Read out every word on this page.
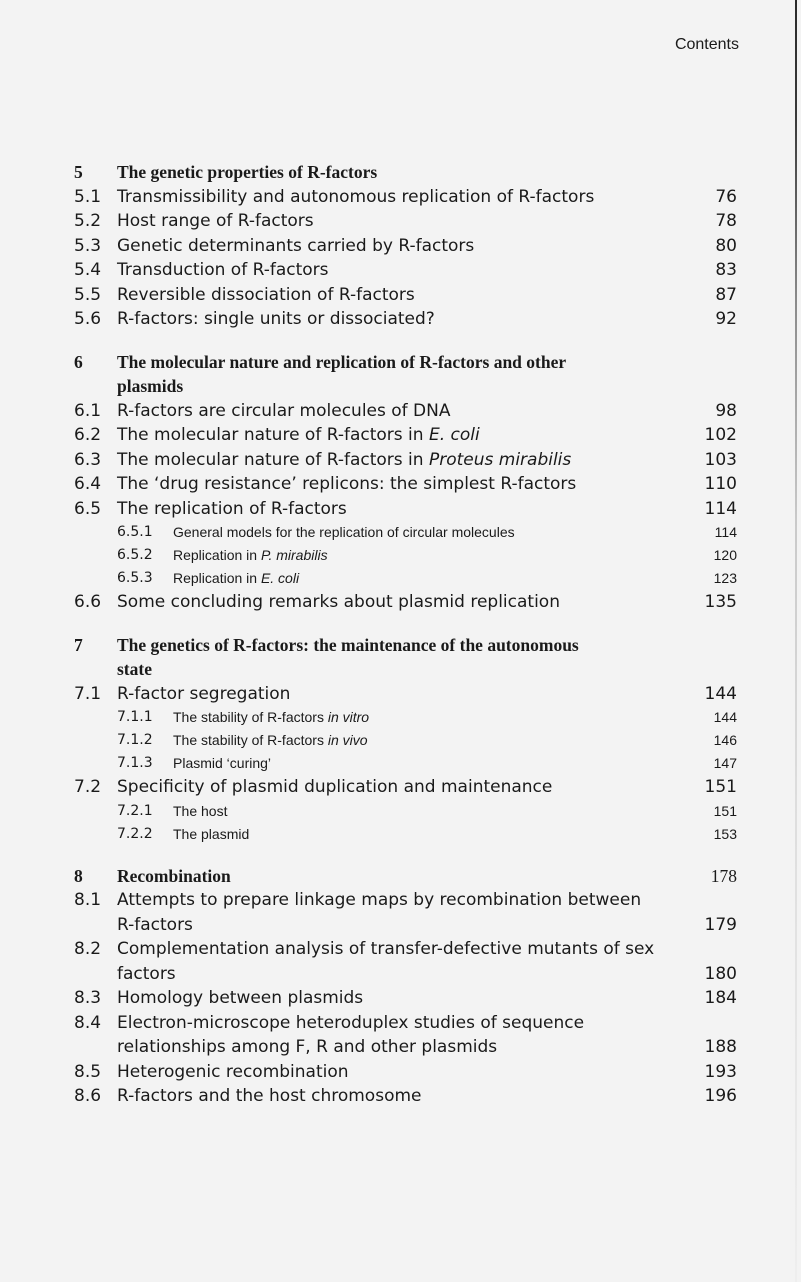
Contents
5 The genetic properties of R-factors
5.1 Transmissibility and autonomous replication of R-factors	76
5.2 Host range of R-factors	78
5.3 Genetic determinants carried by R-factors	80
5.4 Transduction of R-factors	83
5.5 Reversible dissociation of R-factors	87
5.6 R-factors: single units or dissociated?	92
6 The molecular nature and replication of R-factors and other
plasmids
6.1 R-factors are circular molecules of DNA	98
6.2 The molecular nature of R-factors in E. coli	102
6.3 The molecular nature of R-factors in Proteus mirabilis	103
6.4 The ‘drug resistance’ replicons: the simplest R-factors	110
6.5 The replication of R-factors	114
6.5.1 General models for the replication of circular molecules	114
6.5.2 Replication in P. mirabilis	120
6.5.3 Replication in E. coli	123
6.6 Some concluding remarks about plasmid replication	135
7 The genetics of R-factors: the maintenance of the autonomous
state
7.1 R-factor segregation	144
7.1.1 The stability of R-factors in vitro	144
7.1.2 The stability of R-factors in vivo	146
7.1.3 Plasmid ‘curing’	147
7.2 Specificity of plasmid duplication and maintenance	151
7.2.1 The host	151
7.2.2 The plasmid	153
8 Recombination	178
8.1 Attempts to prepare linkage maps by recombination between
R-factors	179
8.2 Complementation analysis of transfer-defective mutants of sex
factors	180
8.3 Homology between plasmids	184
8.4 Electron-microscope heteroduplex studies of sequence
relationships among F, R and other plasmids	188
8.5 Heterogenic recombination	193
8.6 R-factors and the host chromosome	196
